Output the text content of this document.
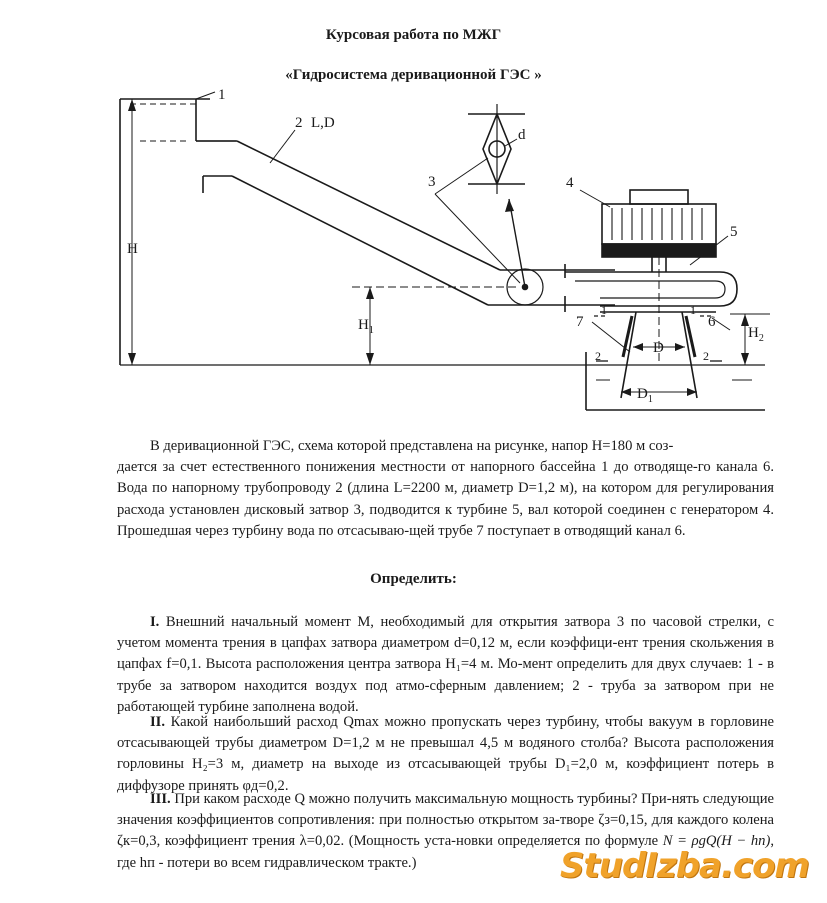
Курсовая работа по МЖГ
«Гидросистема деривационной ГЭС »
1
2 L,D
3	4
5
6
7
d
H
$H_1$	$H_2$
D
$D_1$
1	1
2	2

В деривационной ГЭС, схема которой представлена на рисунке, напор H=180 м соз-
дается за счет естественного понижения местности от напорного бассейна 1 до отводяще-го канала 6. Вода по напорному трубопроводу 2 (длина L=2200 м, диаметр D=1,2 м), на котором для регулирования расхода установлен дисковый затвор 3, подводится к турбине 5, вал которой соединен с генератором 4. Прошедшая через турбину вода по отсасываю-щей трубе 7 поступает в отводящий канал 6.

Определить:

I. Внешний начальный момент М, необходимый для открытия затвора 3 по часовой стрелки, с учетом момента трения в цапфах затвора диаметром d=0,12 м, если коэффици-ент трения скольжения в цапфах f=0,1. Высота расположения центра затвора H₁=4 м. Мо-мент определить для двух случаев: 1 - в трубе за затвором находится воздух под атмо-сферным давлением; 2 - труба за затвором при не работающей турбине заполнена водой.

II. Какой наибольший расход Qmax можно пропускать через турбину, чтобы вакуум в горловине отсасывающей трубы диаметром D=1,2 м не превышал 4,5 м водяного столба? Высота расположения горловины H₂=3 м, диаметр на выходе из отсасывающей трубы D₁=2,0 м, коэффициент потерь в диффузоре принять φд=0,2.

III. При каком расходе Q можно получить максимальную мощность турбины? При-нять следующие значения коэффициентов сопротивления: при полностью открытом за-творе ζз=0,15, для каждого колена ζк=0,3, коэффициент трения λ=0,02. (Мощность уста-новки определяется по формуле N = ρgQ(H − hп), где hп - потери во всем гидравлическом тракте.)	StudIzba.com
